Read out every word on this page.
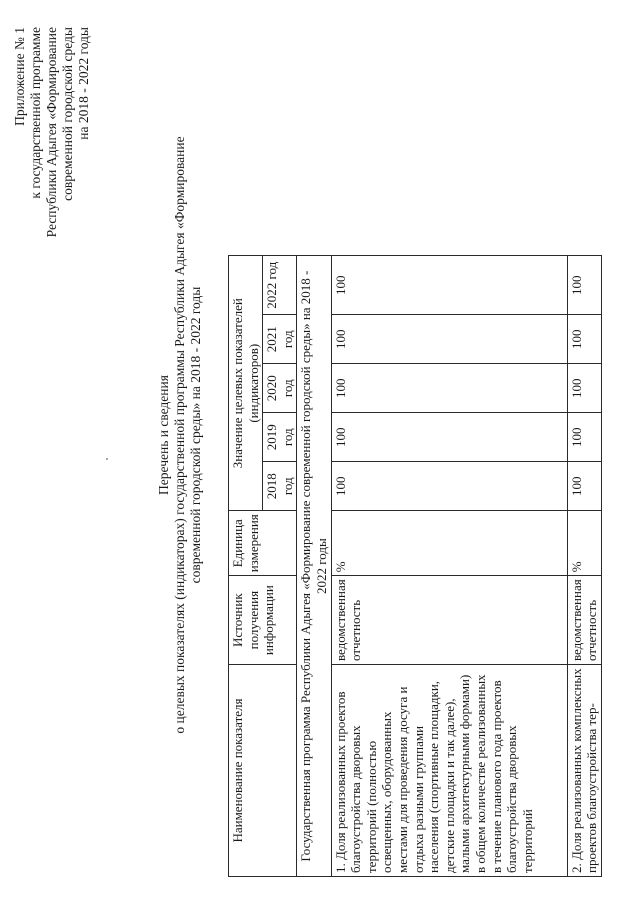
Приложение № 1 к государственной программе Республики Адыгея «Формирование современной городской среды на 2018 - 2022 годы
Перечень и сведения о целевых показателях (индикаторах) государственной программы Республики Адыгея «Формирование современной городской среды» на 2018 - 2022 годы
Наименование показателя	Источник получения информации	Единица измерения	Значение целевых показателей (индикаторов)				
			2018 год	2019 год	2020 год	2021 год	2022 год
Государственная программа Республики Адыгея «Формирование современной городской среды» на 2018 - 2022 годы							
1. Доля реализованных проектов благоустройства дворовых территорий (полностью освещенных, оборудованных местами для проведения досуга и отдыха разными группами населения (спортивные площадки, детские площадки и так далее), малыми архитектурными формами) в общем количестве реализованных в течение планового года проектов благоустройства дворовых территорий	ведомственная отчетность	%	100	100	100	100	100
2. Доля реализованных комплексных проектов благоустройства тер-	ведомственная отчетность	%	100	100	100	100	100
